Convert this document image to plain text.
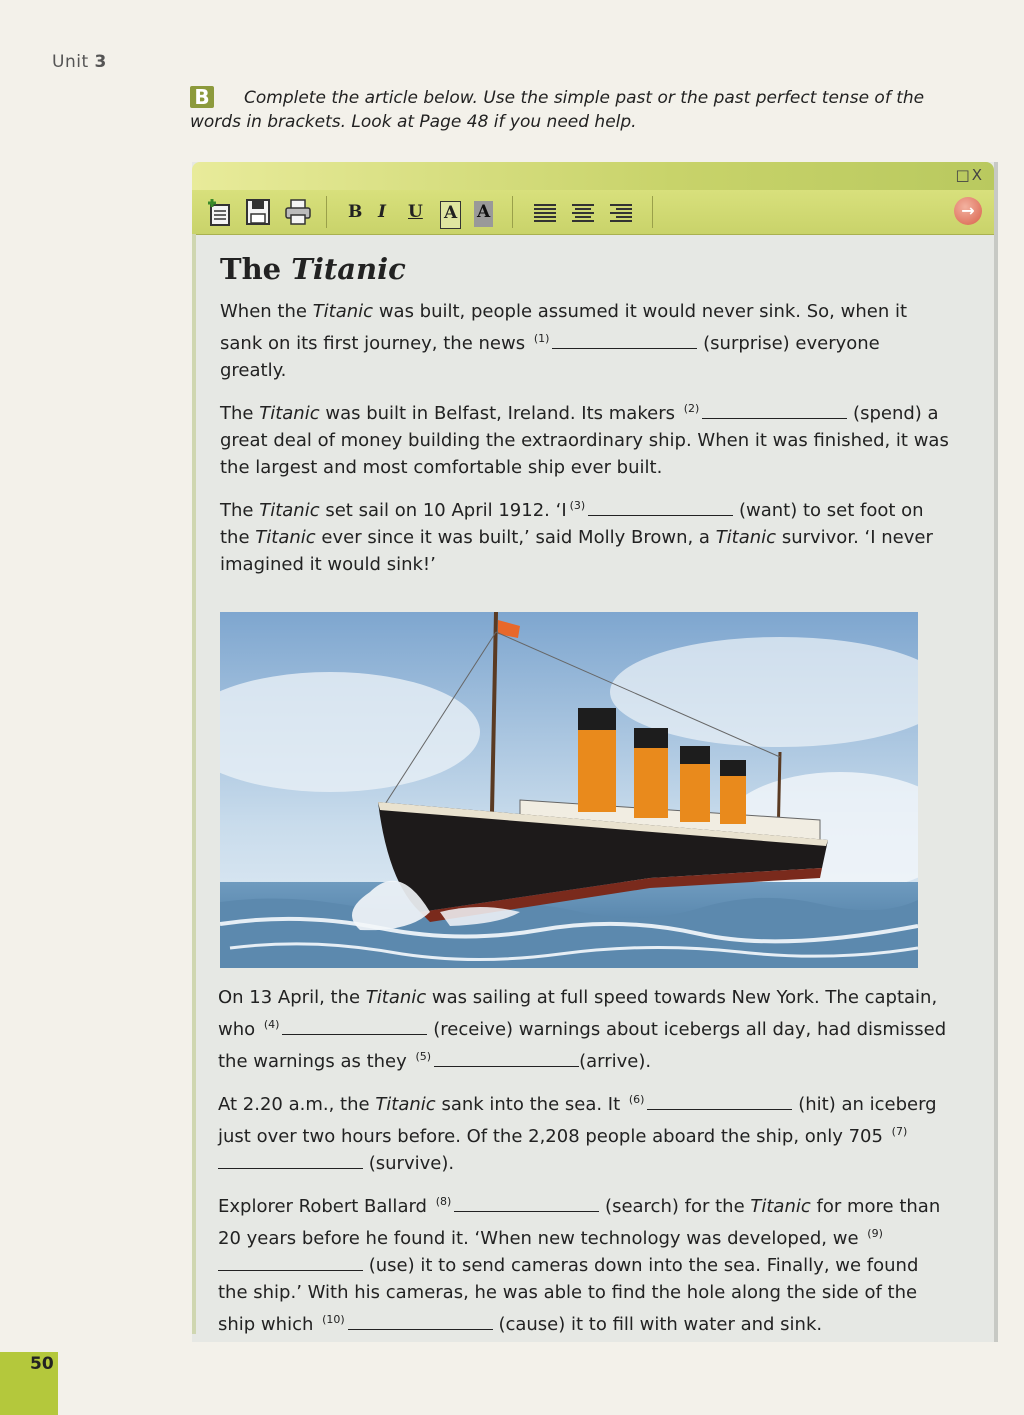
Unit 3
Complete the article below. Use the simple past or the past perfect tense of the words in brackets. Look at Page 48 if you need help.
B
□X
B I U A A	→
The Titanic

When the Titanic was built, people assumed it would never sink. So, when it sank on its first journey, the news $^{(1)}$	(surprise) everyone greatly.

The Titanic was built in Belfast, Ireland. Its makers $^{(2)}$	(spend) a great deal of money building the extraordinary ship. When it was finished, it was the largest and most comfortable ship ever built.

The Titanic set sail on 10 April 1912. ‘I $^{(3)}$	(want) to set foot on the Titanic ever since it was built,’ said Molly Brown, a Titanic survivor. ‘I never imagined it would sink!’

On 13 April, the Titanic was sailing at full speed towards New York. The captain, who $^{(4)}$	(receive) warnings about icebergs all day, had dismissed the warnings as they $^{(5)}$	(arrive).

At 2.20 a.m., the Titanic sank into the sea. It $^{(6)}$	(hit) an iceberg just over two hours before. Of the 2,208 people aboard the ship, only 705 $^{(7)}$ (survive).

Explorer Robert Ballard $^{(8)}$	(search) for the Titanic for more than 20 years before he found it. ‘When new technology was developed, we $^{(9)}$ (use) it to send cameras down into the sea. Finally, we found the ship.’ With his cameras, he was able to find the hole along the side of the ship which $^{(10)}$	(cause) it to fill with water and sink.

50
